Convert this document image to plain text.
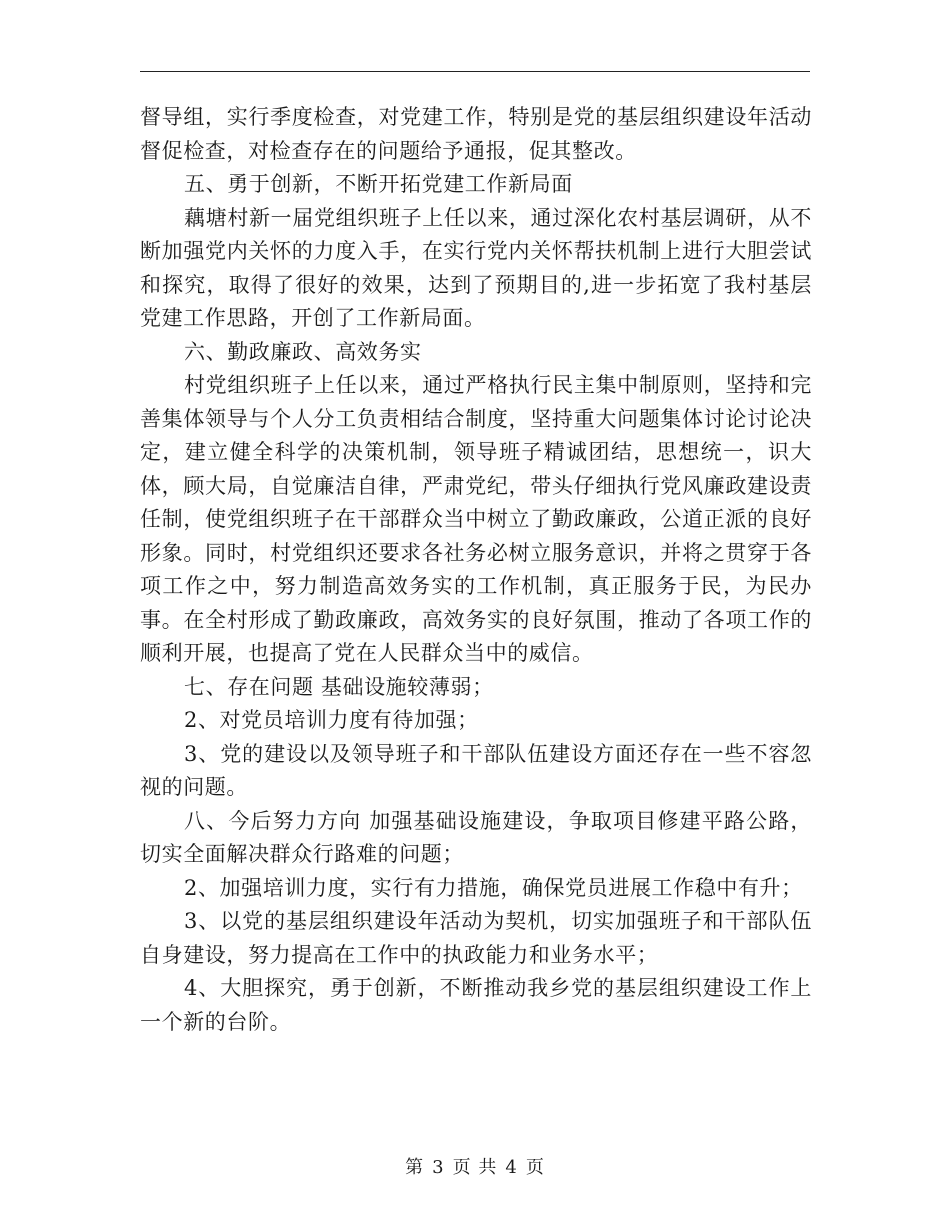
督导组，实行季度检查，对党建工作，特别是党的基层组织建设年活动督促检查，对检查存在的问题给予通报，促其整改。

五、勇于创新，不断开拓党建工作新局面

藕塘村新一届党组织班子上任以来，通过深化农村基层调研，从不断加强党内关怀的力度入手，在实行党内关怀帮扶机制上进行大胆尝试和探究，取得了很好的效果，达到了预期目的,进一步拓宽了我村基层党建工作思路，开创了工作新局面。

六、勤政廉政、高效务实

村党组织班子上任以来，通过严格执行民主集中制原则，坚持和完善集体领导与个人分工负责相结合制度，坚持重大问题集体讨论讨论决定，建立健全科学的决策机制，领导班子精诚团结，思想统一，识大体，顾大局，自觉廉洁自律，严肃党纪，带头仔细执行党风廉政建设责任制，使党组织班子在干部群众当中树立了勤政廉政，公道正派的良好形象。同时，村党组织还要求各社务必树立服务意识，并将之贯穿于各项工作之中，努力制造高效务实的工作机制，真正服务于民，为民办事。在全村形成了勤政廉政，高效务实的良好氛围，推动了各项工作的顺利开展，也提高了党在人民群众当中的威信。

七、存在问题 基础设施较薄弱；

2、对党员培训力度有待加强；

3、党的建设以及领导班子和干部队伍建设方面还存在一些不容忽视的问题。

八、今后努力方向 加强基础设施建设，争取项目修建平路公路，切实全面解决群众行路难的问题；

2、加强培训力度，实行有力措施，确保党员进展工作稳中有升；

3、以党的基层组织建设年活动为契机，切实加强班子和干部队伍自身建设，努力提高在工作中的执政能力和业务水平；

4、大胆探究，勇于创新，不断推动我乡党的基层组织建设工作上一个新的台阶。

第 3 页 共 4 页
